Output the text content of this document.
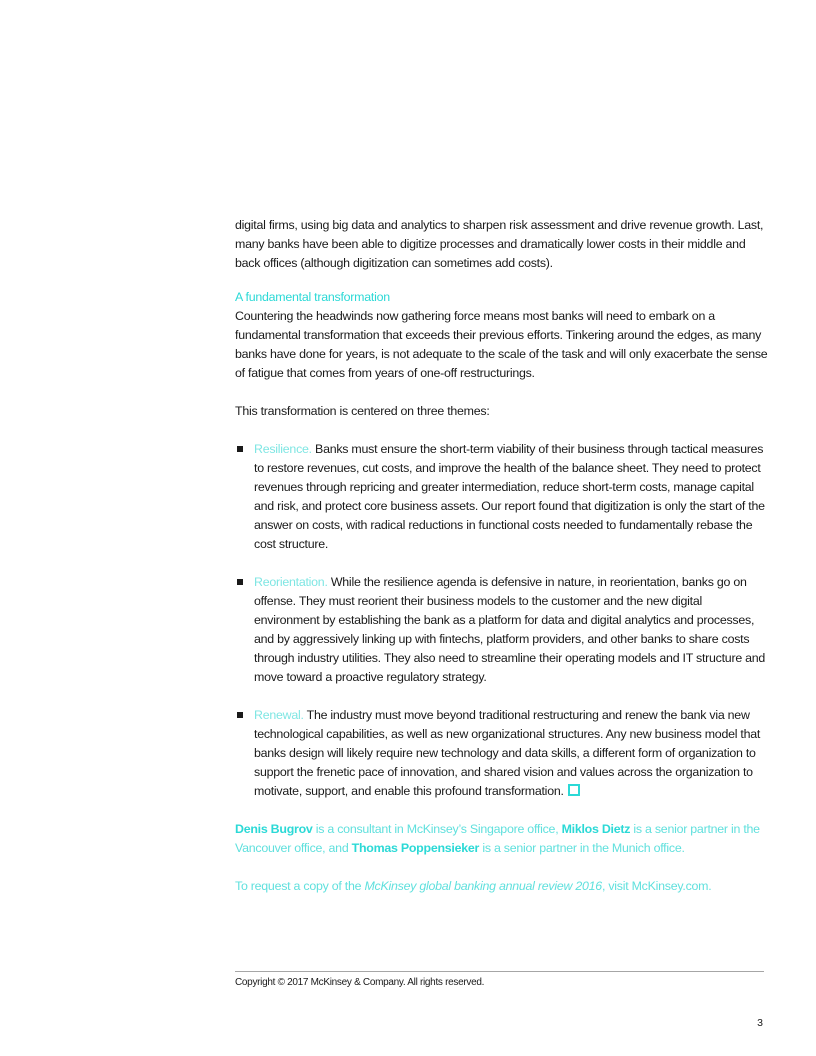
digital firms, using big data and analytics to sharpen risk assessment and drive revenue growth. Last, many banks have been able to digitize processes and dramatically lower costs in their middle and back offices (although digitization can sometimes add costs).

A fundamental transformation

Countering the headwinds now gathering force means most banks will need to embark on a fundamental transformation that exceeds their previous efforts. Tinkering around the edges, as many banks have done for years, is not adequate to the scale of the task and will only exacerbate the sense of fatigue that comes from years of one-off restructurings.

This transformation is centered on three themes:

Resilience. Banks must ensure the short-term viability of their business through tactical measures to restore revenues, cut costs, and improve the health of the balance sheet. They need to protect revenues through repricing and greater intermediation, reduce short-term costs, manage capital and risk, and protect core business assets. Our report found that digitization is only the start of the answer on costs, with radical reductions in functional costs needed to fundamentally rebase the cost structure.
Reorientation. While the resilience agenda is defensive in nature, in reorientation, banks go on offense. They must reorient their business models to the customer and the new digital environment by establishing the bank as a platform for data and digital analytics and processes, and by aggressively linking up with fintechs, platform providers, and other banks to share costs through industry utilities. They also need to streamline their operating models and IT structure and move toward a proactive regulatory strategy.
Renewal. The industry must move beyond traditional restructuring and renew the bank via new technological capabilities, as well as new organizational structures. Any new business model that banks design will likely require new technology and data skills, a different form of organization to support the frenetic pace of innovation, and shared vision and values across the organization to motivate, support, and enable this profound transformation.

Denis Bugrov is a consultant in McKinsey’s Singapore office, Miklos Dietz is a senior partner in the Vancouver office, and Thomas Poppensieker is a senior partner in the Munich office.

To request a copy of the McKinsey global banking annual review 2016, visit McKinsey.com.

Copyright © 2017 McKinsey & Company. All rights reserved.
3
